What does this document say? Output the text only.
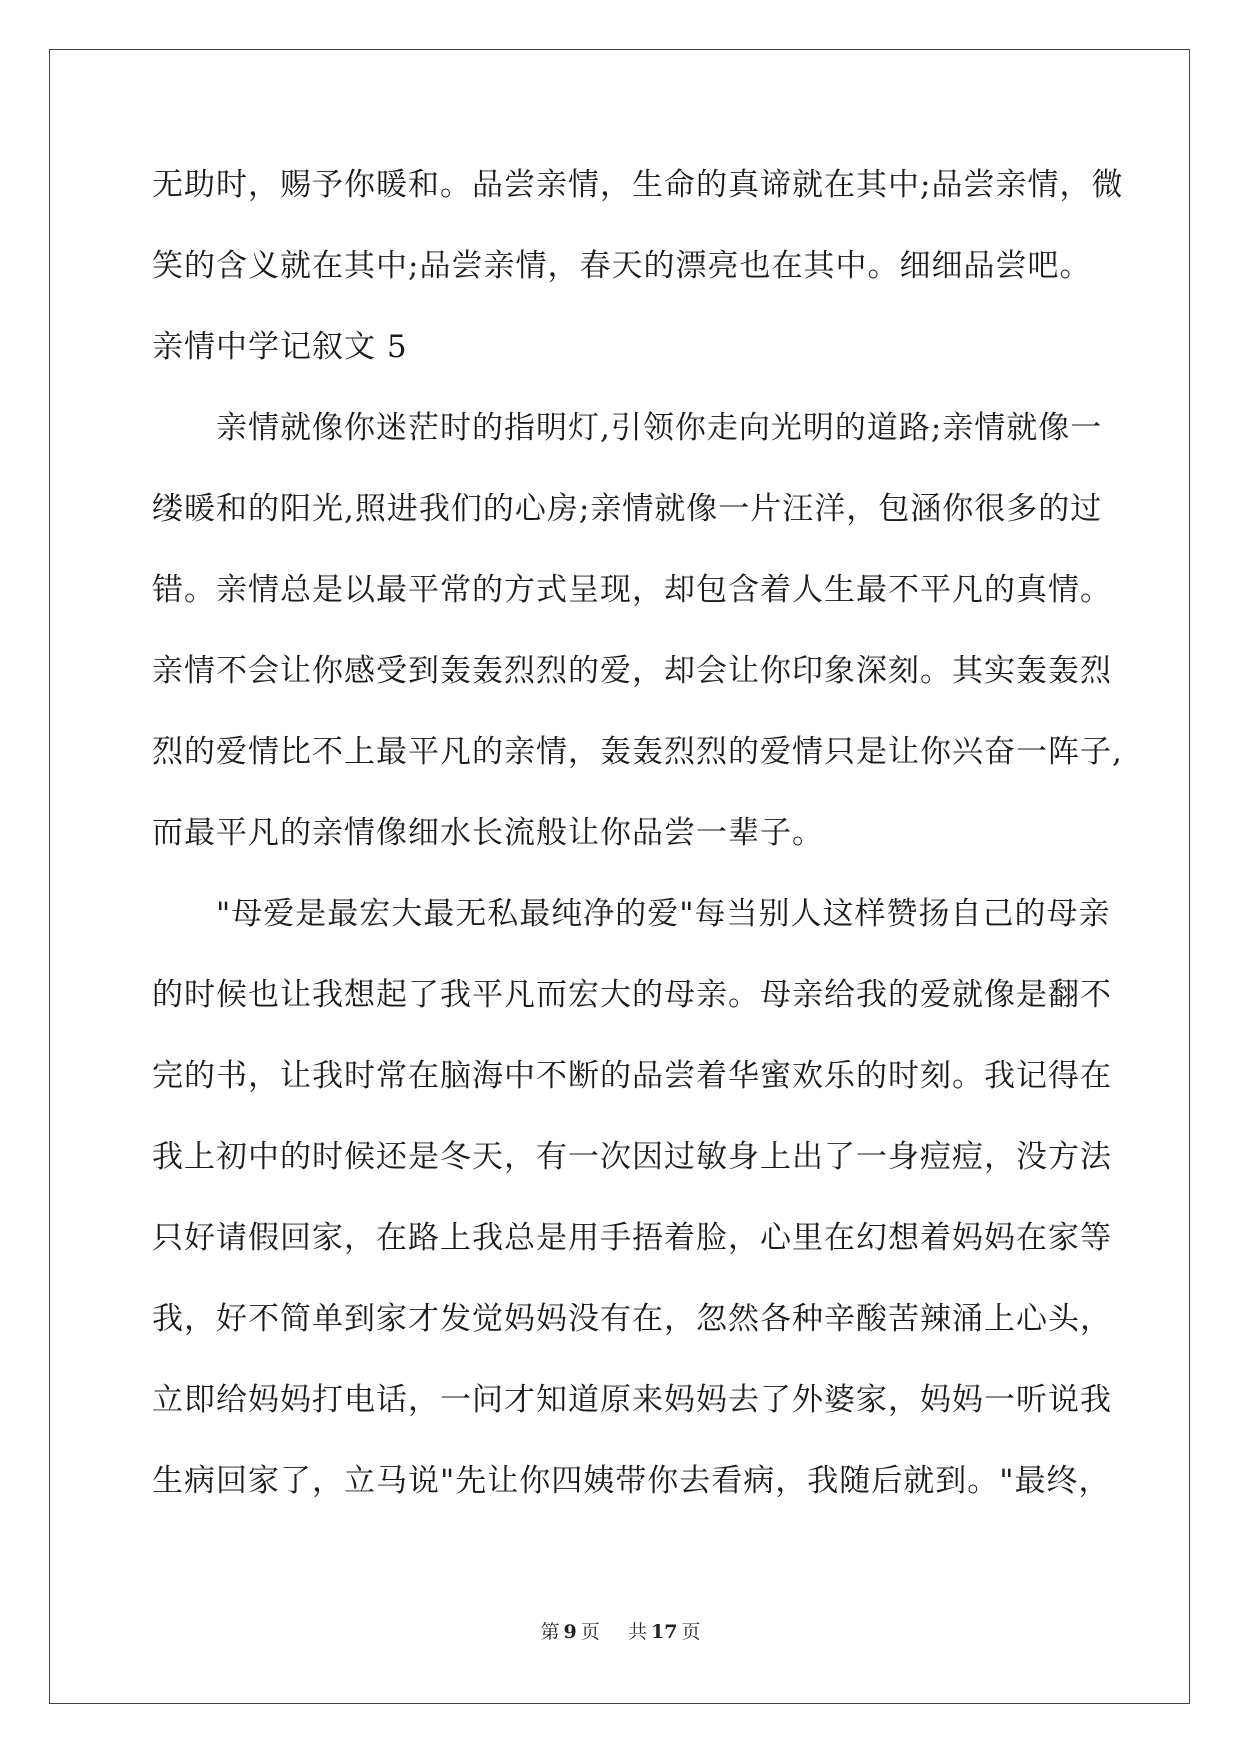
无助时，赐予你暖和。品尝亲情，生命的真谛就在其中;品尝亲情，微
笑的含义就在其中;品尝亲情，春天的漂亮也在其中。细细品尝吧。
亲情中学记叙文 5
　　亲情就像你迷茫时的指明灯,引领你走向光明的道路;亲情就像一
缕暖和的阳光,照进我们的心房;亲情就像一片汪洋，包涵你很多的过
错。亲情总是以最平常的方式呈现，却包含着人生最不平凡的真情。
亲情不会让你感受到轰轰烈烈的爱，却会让你印象深刻。其实轰轰烈
烈的爱情比不上最平凡的亲情，轰轰烈烈的爱情只是让你兴奋一阵子,
而最平凡的亲情像细水长流般让你品尝一辈子。
　　"母爱是最宏大最无私最纯净的爱"每当别人这样赞扬自己的母亲
的时候也让我想起了我平凡而宏大的母亲。母亲给我的爱就像是翻不
完的书，让我时常在脑海中不断的品尝着华蜜欢乐的时刻。我记得在
我上初中的时候还是冬天，有一次因过敏身上出了一身痘痘，没方法
只好请假回家，在路上我总是用手捂着脸，心里在幻想着妈妈在家等
我，好不简单到家才发觉妈妈没有在，忽然各种辛酸苦辣涌上心头，
立即给妈妈打电话，一问才知道原来妈妈去了外婆家，妈妈一听说我
生病回家了，立马说"先让你四姨带你去看病，我随后就到。"最终，
第 9 页 共 17 页
